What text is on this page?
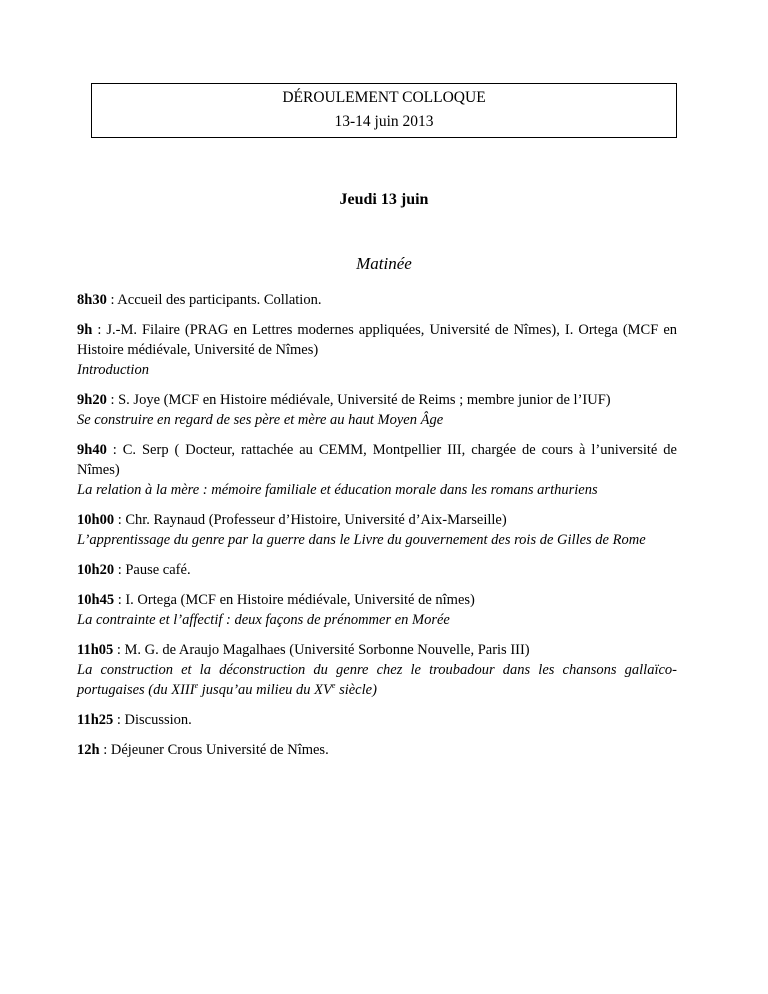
DÉROULEMENT COLLOQUE
13-14 juin 2013
Jeudi 13 juin
Matinée

8h30 : Accueil des participants. Collation.

9h : J.-M. Filaire (PRAG en Lettres modernes appliquées, Université de Nîmes), I. Ortega (MCF en Histoire médiévale, Université de Nîmes)

Introduction

9h20 : S. Joye (MCF en Histoire médiévale, Université de Reims ; membre junior de l’IUF)

Se construire en regard de ses père et mère au haut Moyen Âge

9h40 : C. Serp ( Docteur, rattachée au CEMM, Montpellier III, chargée de cours à l’université de Nîmes)

La relation à la mère : mémoire familiale et éducation morale dans les romans arthuriens

10h00 : Chr. Raynaud (Professeur d’Histoire, Université d’Aix-Marseille)

L’apprentissage du genre par la guerre dans le Livre du gouvernement des rois de Gilles de Rome

10h20 : Pause café.

10h45 : I. Ortega (MCF en Histoire médiévale, Université de nîmes)

La contrainte et l’affectif : deux façons de prénommer en Morée

11h05 : M. G. de Araujo Magalhaes (Université Sorbonne Nouvelle, Paris III)

La construction et la déconstruction du genre chez le troubadour dans les chansons gallaïco-portugaises (du XIIIe jusqu’au milieu du XVe siècle)

11h25 : Discussion.

12h : Déjeuner Crous Université de Nîmes.
